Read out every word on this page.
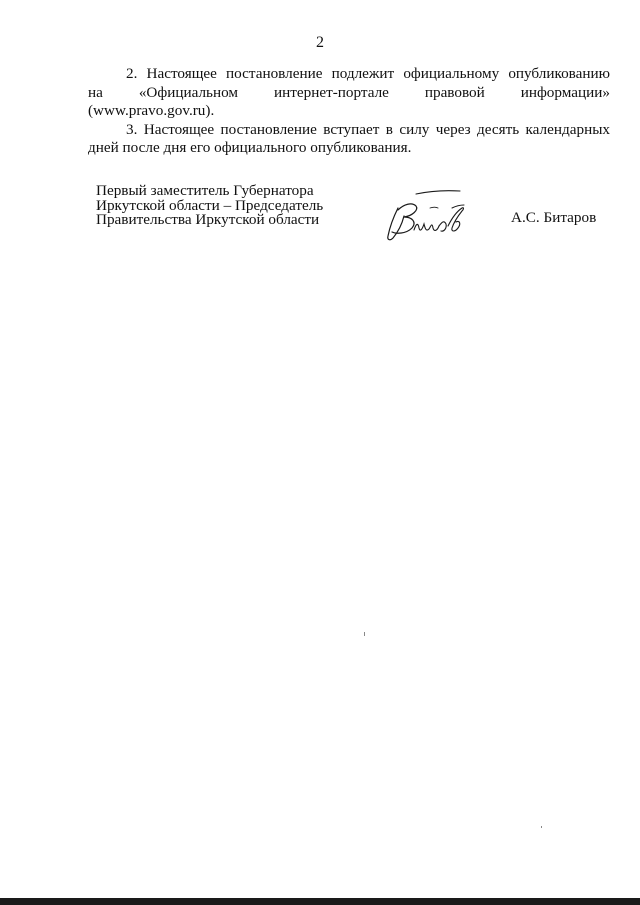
2

2. Настоящее постановление подлежит официальному опубликованию
на «Официальном интернет-портале правовой информации»
(www.pravo.gov.ru).

3. Настоящее постановление вступает в силу через десять календарных
дней после дня его официального опубликования.

Первый заместитель Губернатора
Иркутской области – Председатель
Правительства Иркутской области	А.С. Битаров
